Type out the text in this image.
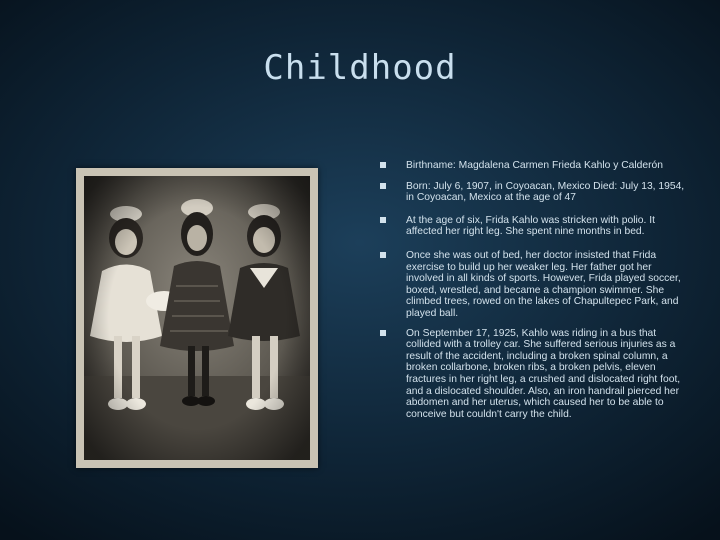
Childhood
Birthname: Magdalena Carmen Frieda Kahlo y Calderón
Born: July 6, 1907, in Coyoacan, Mexico Died: July 13, 1954, in Coyoacan, Mexico at the age of 47
At the age of six, Frida Kahlo was stricken with polio. It affected her right leg. She spent nine months in bed.
Once she was out of bed, her doctor insisted that Frida exercise to build up her weaker leg. Her father got her involved in all kinds of sports. However, Frida played soccer, boxed, wrestled, and became a champion swimmer. She climbed trees, rowed on the lakes of Chapultepec Park, and played ball.
On September 17, 1925, Kahlo was riding in a bus that collided with a trolley car. She suffered serious injuries as a result of the accident, including a broken spinal column, a broken collarbone, broken ribs, a broken pelvis, eleven fractures in her right leg, a crushed and dislocated right foot, and a dislocated shoulder. Also, an iron handrail pierced her abdomen and her uterus, which caused her to be able to conceive but couldn't carry the child.
